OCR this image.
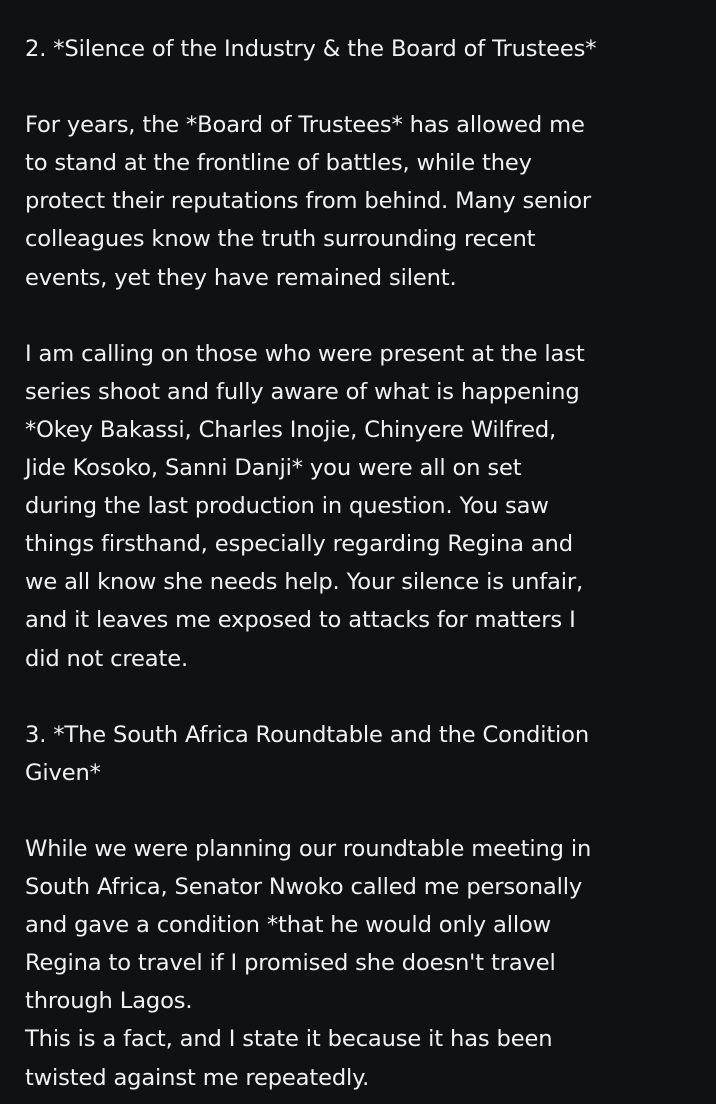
2. *Silence of the Industry & the Board of Trustees*
For years, the *Board of Trustees* has allowed me
to stand at the frontline of battles, while they
protect their reputations from behind. Many senior
colleagues know the truth surrounding recent
events, yet they have remained silent.
I am calling on those who were present at the last
series shoot and fully aware of what is happening
*Okey Bakassi, Charles Inojie, Chinyere Wilfred,
Jide Kosoko, Sanni Danji* you were all on set
during the last production in question. You saw
things firsthand, especially regarding Regina and
we all know she needs help. Your silence is unfair,
and it leaves me exposed to attacks for matters I
did not create.
3. *The South Africa Roundtable and the Condition
Given*
While we were planning our roundtable meeting in
South Africa, Senator Nwoko called me personally
and gave a condition *that he would only allow
Regina to travel if I promised she doesn't travel
through Lagos.
This is a fact, and I state it because it has been
twisted against me repeatedly.
